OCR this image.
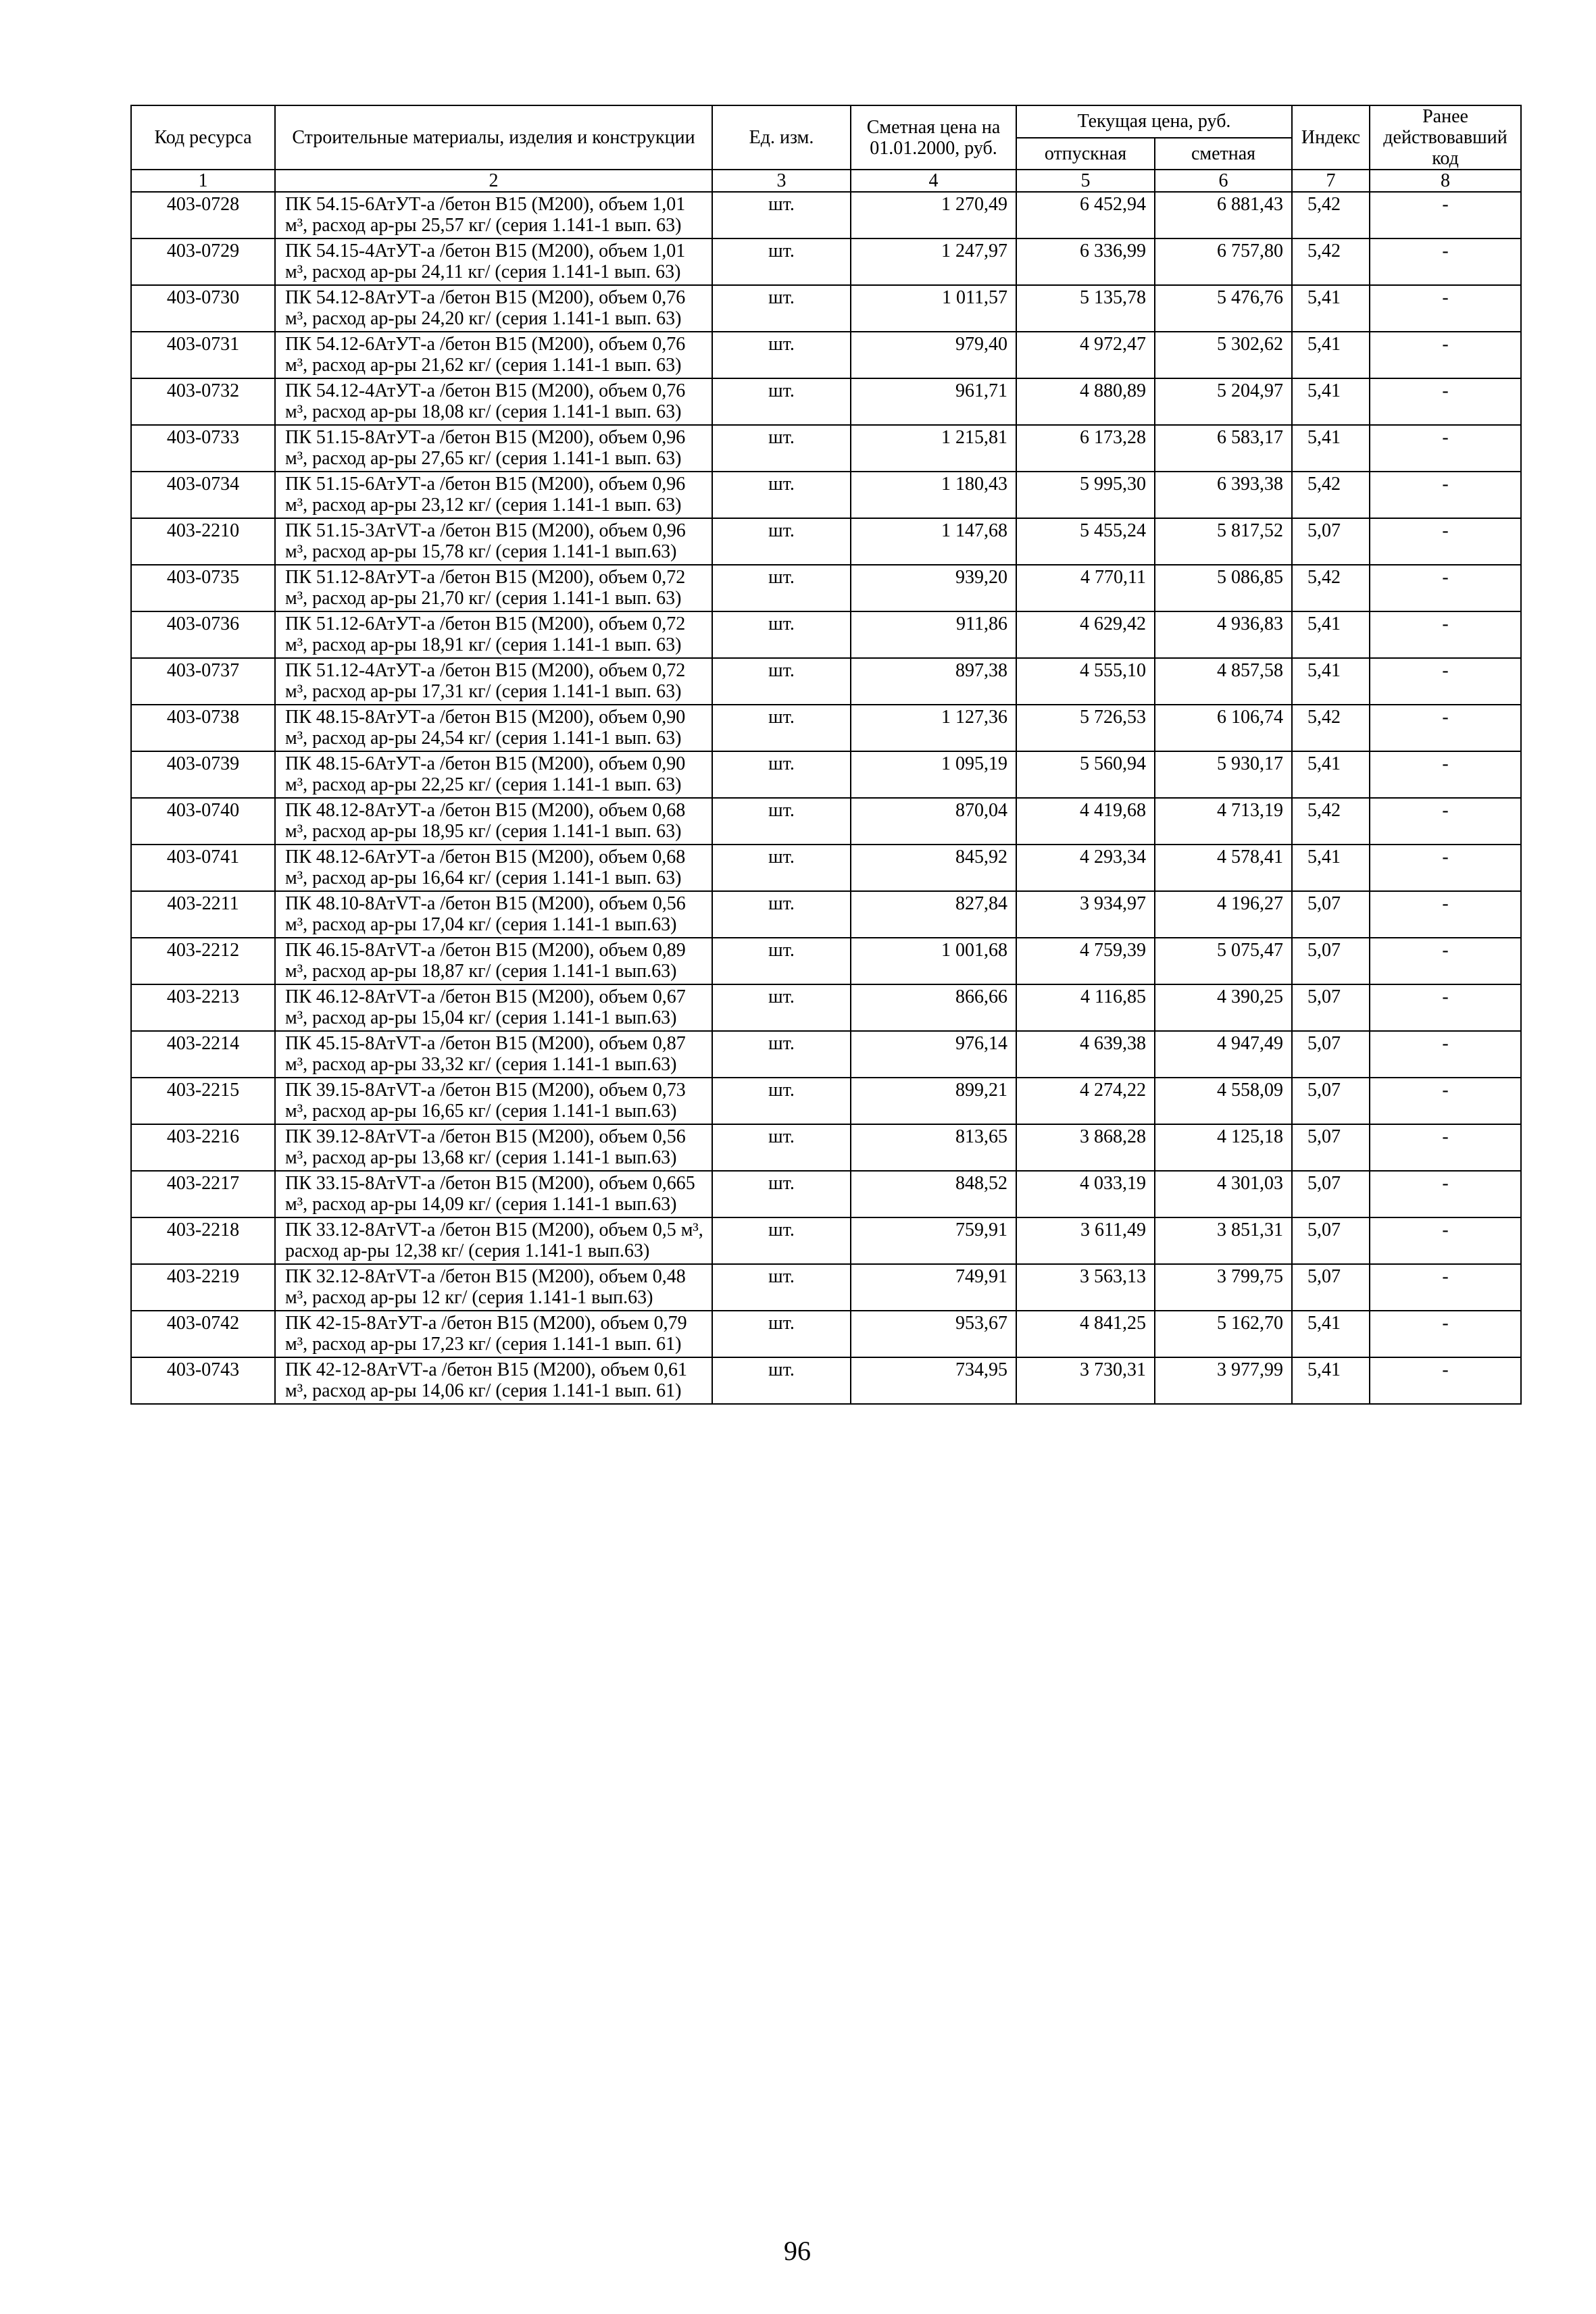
Код ресурса	Строительные материалы, изделия и конструкции	Ед. изм.	Сметная цена на 01.01.2000, руб.	Текущая цена, руб.		Индекс	Ранее действовавший код
				отпускная	сметная		
1	2	3	4	5	6	7	8
403-0728	ПК 54.15-6АтУТ-а /бетон В15 (М200), объем 1,01 м³, расход ар-ры 25,57 кг/ (серия 1.141-1 вып. 63)	шт.	1 270,49	6 452,94	6 881,43	5,42	-
403-0729	ПК 54.15-4АтУТ-а /бетон В15 (М200), объем 1,01 м³, расход ар-ры 24,11 кг/ (серия 1.141-1 вып. 63)	шт.	1 247,97	6 336,99	6 757,80	5,42	-
403-0730	ПК 54.12-8АтУТ-а /бетон В15 (М200), объем 0,76 м³, расход ар-ры 24,20 кг/ (серия 1.141-1 вып. 63)	шт.	1 011,57	5 135,78	5 476,76	5,41	-
403-0731	ПК 54.12-6АтУТ-а /бетон В15 (М200), объем 0,76 м³, расход ар-ры 21,62 кг/ (серия 1.141-1 вып. 63)	шт.	979,40	4 972,47	5 302,62	5,41	-
403-0732	ПК 54.12-4АтУТ-а /бетон В15 (М200), объем 0,76 м³, расход ар-ры 18,08 кг/ (серия 1.141-1 вып. 63)	шт.	961,71	4 880,89	5 204,97	5,41	-
403-0733	ПК 51.15-8АтУТ-а /бетон В15 (М200), объем 0,96 м³, расход ар-ры 27,65 кг/ (серия 1.141-1 вып. 63)	шт.	1 215,81	6 173,28	6 583,17	5,41	-
403-0734	ПК 51.15-6АтУТ-а /бетон В15 (М200), объем 0,96 м³, расход ар-ры 23,12 кг/ (серия 1.141-1 вып. 63)	шт.	1 180,43	5 995,30	6 393,38	5,42	-
403-2210	ПК 51.15-3АтVТ-а /бетон В15 (М200), объем 0,96 м³, расход ар-ры 15,78 кг/ (серия 1.141-1 вып.63)	шт.	1 147,68	5 455,24	5 817,52	5,07	-
403-0735	ПК 51.12-8АтУТ-а /бетон В15 (М200), объем 0,72 м³, расход ар-ры 21,70 кг/ (серия 1.141-1 вып. 63)	шт.	939,20	4 770,11	5 086,85	5,42	-
403-0736	ПК 51.12-6АтУТ-а /бетон В15 (М200), объем 0,72 м³, расход ар-ры 18,91 кг/ (серия 1.141-1 вып. 63)	шт.	911,86	4 629,42	4 936,83	5,41	-
403-0737	ПК 51.12-4АтУТ-а /бетон В15 (М200), объем 0,72 м³, расход ар-ры 17,31 кг/ (серия 1.141-1 вып. 63)	шт.	897,38	4 555,10	4 857,58	5,41	-
403-0738	ПК 48.15-8АтУТ-а /бетон В15 (М200), объем 0,90 м³, расход ар-ры 24,54 кг/ (серия 1.141-1 вып. 63)	шт.	1 127,36	5 726,53	6 106,74	5,42	-
403-0739	ПК 48.15-6АтУТ-а /бетон В15 (М200), объем 0,90 м³, расход ар-ры 22,25 кг/ (серия 1.141-1 вып. 63)	шт.	1 095,19	5 560,94	5 930,17	5,41	-
403-0740	ПК 48.12-8АтУТ-а /бетон В15 (М200), объем 0,68 м³, расход ар-ры 18,95 кг/ (серия 1.141-1 вып. 63)	шт.	870,04	4 419,68	4 713,19	5,42	-
403-0741	ПК 48.12-6АтУТ-а /бетон В15 (М200), объем 0,68 м³, расход ар-ры 16,64 кг/ (серия 1.141-1 вып. 63)	шт.	845,92	4 293,34	4 578,41	5,41	-
403-2211	ПК 48.10-8АтVТ-а /бетон В15 (М200), объем 0,56 м³, расход ар-ры 17,04 кг/ (серия 1.141-1 вып.63)	шт.	827,84	3 934,97	4 196,27	5,07	-
403-2212	ПК 46.15-8АтVТ-а /бетон В15 (М200), объем 0,89 м³, расход ар-ры 18,87 кг/ (серия 1.141-1 вып.63)	шт.	1 001,68	4 759,39	5 075,47	5,07	-
403-2213	ПК 46.12-8АтVТ-а /бетон В15 (М200), объем 0,67 м³, расход ар-ры 15,04 кг/ (серия 1.141-1 вып.63)	шт.	866,66	4 116,85	4 390,25	5,07	-
403-2214	ПК 45.15-8АтVТ-а /бетон В15 (М200), объем 0,87 м³, расход ар-ры 33,32 кг/ (серия 1.141-1 вып.63)	шт.	976,14	4 639,38	4 947,49	5,07	-
403-2215	ПК 39.15-8АтVТ-а /бетон В15 (М200), объем 0,73 м³, расход ар-ры 16,65 кг/ (серия 1.141-1 вып.63)	шт.	899,21	4 274,22	4 558,09	5,07	-
403-2216	ПК 39.12-8АтVТ-а /бетон В15 (М200), объем 0,56 м³, расход ар-ры 13,68 кг/ (серия 1.141-1 вып.63)	шт.	813,65	3 868,28	4 125,18	5,07	-
403-2217	ПК 33.15-8АтVТ-а /бетон В15 (М200), объем 0,665 м³, расход ар-ры 14,09 кг/ (серия 1.141-1 вып.63)	шт.	848,52	4 033,19	4 301,03	5,07	-
403-2218	ПК 33.12-8АтVТ-а /бетон В15 (М200), объем 0,5 м³, расход ар-ры 12,38 кг/ (серия 1.141-1 вып.63)	шт.	759,91	3 611,49	3 851,31	5,07	-
403-2219	ПК 32.12-8АтVТ-а /бетон В15 (М200), объем 0,48 м³, расход ар-ры 12 кг/ (серия 1.141-1 вып.63)	шт.	749,91	3 563,13	3 799,75	5,07	-
403-0742	ПК 42-15-8АтУТ-а /бетон В15 (М200), объем 0,79 м³, расход ар-ры 17,23 кг/ (серия 1.141-1 вып. 61)	шт.	953,67	4 841,25	5 162,70	5,41	-
403-0743	ПК 42-12-8АтVТ-а /бетон В15 (М200), объем 0,61 м³, расход ар-ры 14,06 кг/ (серия 1.141-1 вып. 61)	шт.	734,95	3 730,31	3 977,99	5,41	-
96
